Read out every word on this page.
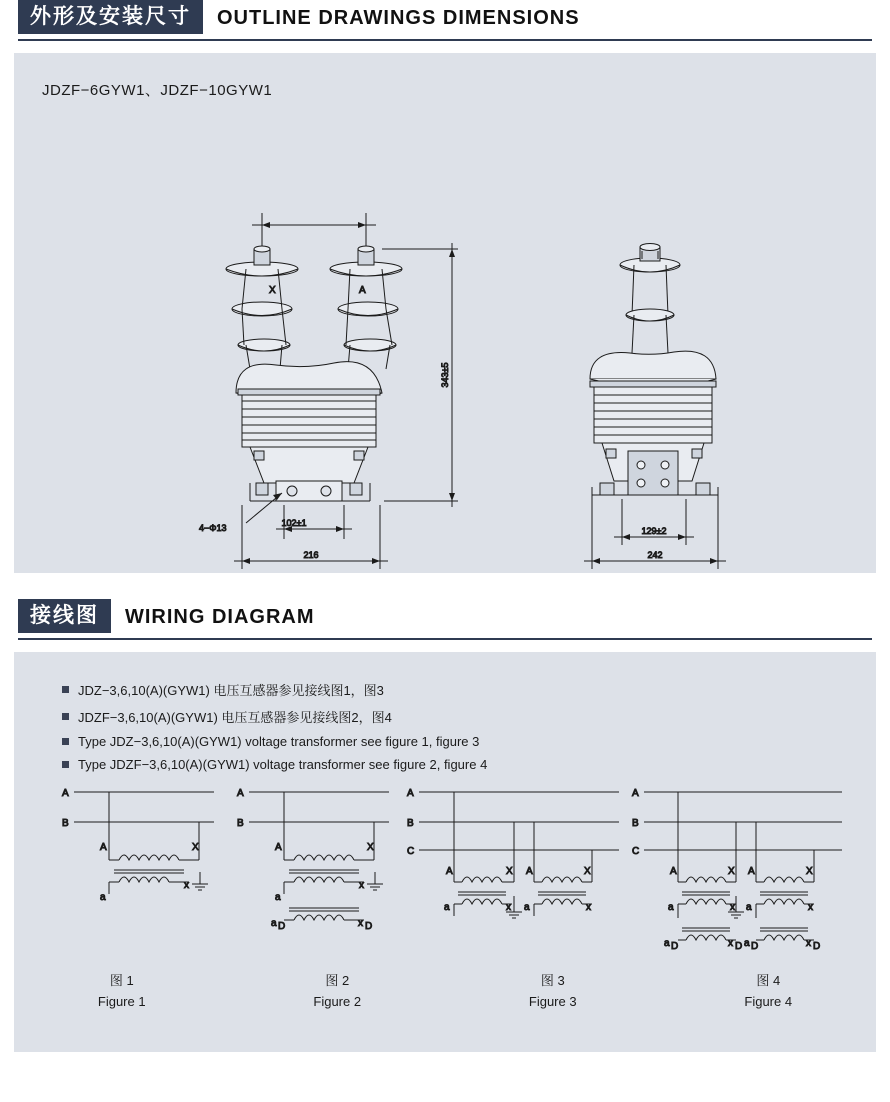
外形及安装尺寸	OUTLINE DRAWINGS DIMENSIONS
JDZF−6GYW1、JDZF−10GYW1
X	A
4−Φ13	102±1
216
343±5
129±2
242
接线图	WIRING DIAGRAM
JDZ−3,6,10(A)(GYW1) 电压互感器参见接线图1，图3
JDZF−3,6,10(A)(GYW1) 电压互感器参见接线图2，图4
Type JDZ−3,6,10(A)(GYW1) voltage transformer see figure 1, figure 3
Type JDZF−3,6,10(A)(GYW1) voltage transformer see figure 2, figure 4
A
B
A	X
a
x
A
B
A	X
a
x
a D	x D
A
B
C
A	X A	X
a	x a	x
A
B
C
A	X A	X
a	x a	x
a D	x D a D	x D
图 1
Figure 1
图 2
Figure 2
图 3
Figure 3
图 4
Figure 4
